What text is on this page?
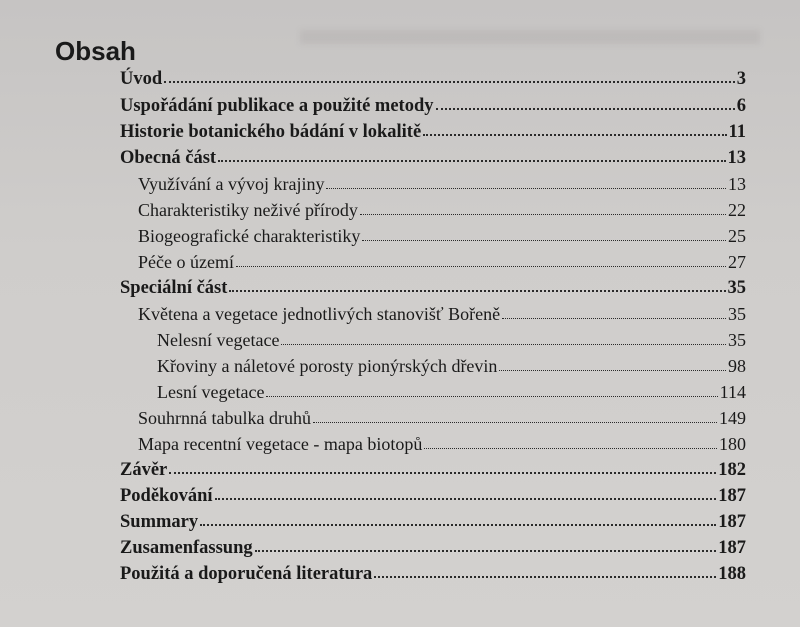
Obsah
Úvod	3
Uspořádání publikace a použité metody	6
Historie botanického bádání v lokalitě	11
Obecná část	13
Využívání a vývoj krajiny	13
Charakteristiky neživé přírody	22
Biogeografické charakteristiky	25
Péče o území	27
Speciální část	35
Květena a vegetace jednotlivých stanovišť Bořeně	35
Nelesní vegetace	35
Křoviny a náletové porosty pionýrských dřevin	98
Lesní vegetace	114
Souhrnná tabulka druhů	149
Mapa recentní vegetace - mapa biotopů	180
Závěr	182
Poděkování	187
Summary	187
Zusamenfassung	187
Použitá a doporučená literatura	188
